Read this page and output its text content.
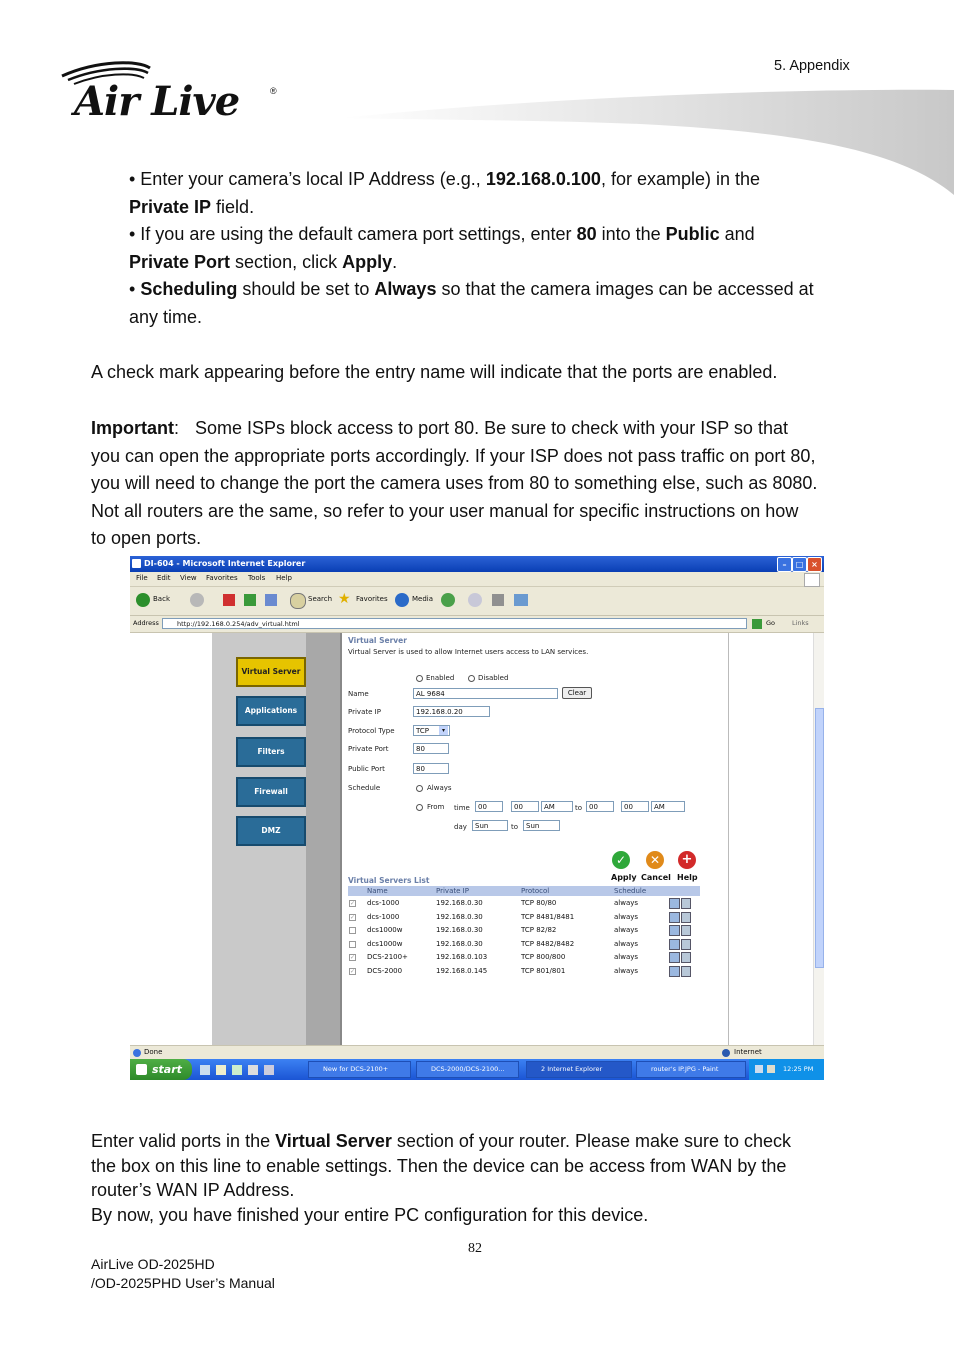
5. Appendix
Air Live	®
• Enter your camera’s local IP Address (e.g., 192.168.0.100, for example) in the
Private IP field.
• If you are using the default camera port settings, enter 80 into the Public and
Private Port section, click Apply.
• Scheduling should be set to Always so that the camera images can be accessed at
any time.
A check mark appearing before the entry name will indicate that the ports are enabled.
Important: Some ISPs block access to port 80. Be sure to check with your ISP so that
you can open the appropriate ports accordingly. If your ISP does not pass traffic on port 80,
you will need to change the port the camera uses from 80 to something else, such as 8080.
Not all routers are the same, so refer to your user manual for specific instructions on how
to open ports.
DI-604 - Microsoft Internet Explorer	–	□ ×
File Edit View Favorites Tools Help
Back	Search ★ Favorites	Media
Address	http://192.168.0.254/adv_virtual.html	Go	Links
Virtual Server
Applications
Filters
Firewall
DMZ
Virtual Server
Virtual Server is used to allow Internet users access to LAN services.
Enabled	Disabled
Name	AL 9684	Clear
Private IP	192.168.0.20
Protocol Type	TCP	▾
Private Port	80
Public Port	80
Schedule	Always
From time	00	00	AM	to 00	00	AM
day	Sun	to	Sun
✓	✕	+
Apply Cancel Help
Virtual Servers List
Name	Private IP	Protocol	Schedule
✓ dcs-1000	192.168.0.30	TCP 80/80	always
✓ dcs-1000	192.168.0.30	TCP 8481/8481	always
dcs1000w	192.168.0.30	TCP 82/82	always
dcs1000w	192.168.0.30	TCP 8482/8482	always
✓ DCS-2100+	192.168.0.103	TCP 800/800	always
✓ DCS-2000	192.168.0.145	TCP 801/801	always
Done	Internet
start	New for DCS-2100+	DCS-2000/DCS-2100...	2 Internet Explorer	router's IP.JPG - Paint	12:25 PM
Enter valid ports in the Virtual Server section of your router. Please make sure to check
the box on this line to enable settings. Then the device can be access from WAN by the
router’s WAN IP Address.
By now, you have finished your entire PC configuration for this device.
82
AirLive OD-2025HD
/OD-2025PHD User’s Manual
